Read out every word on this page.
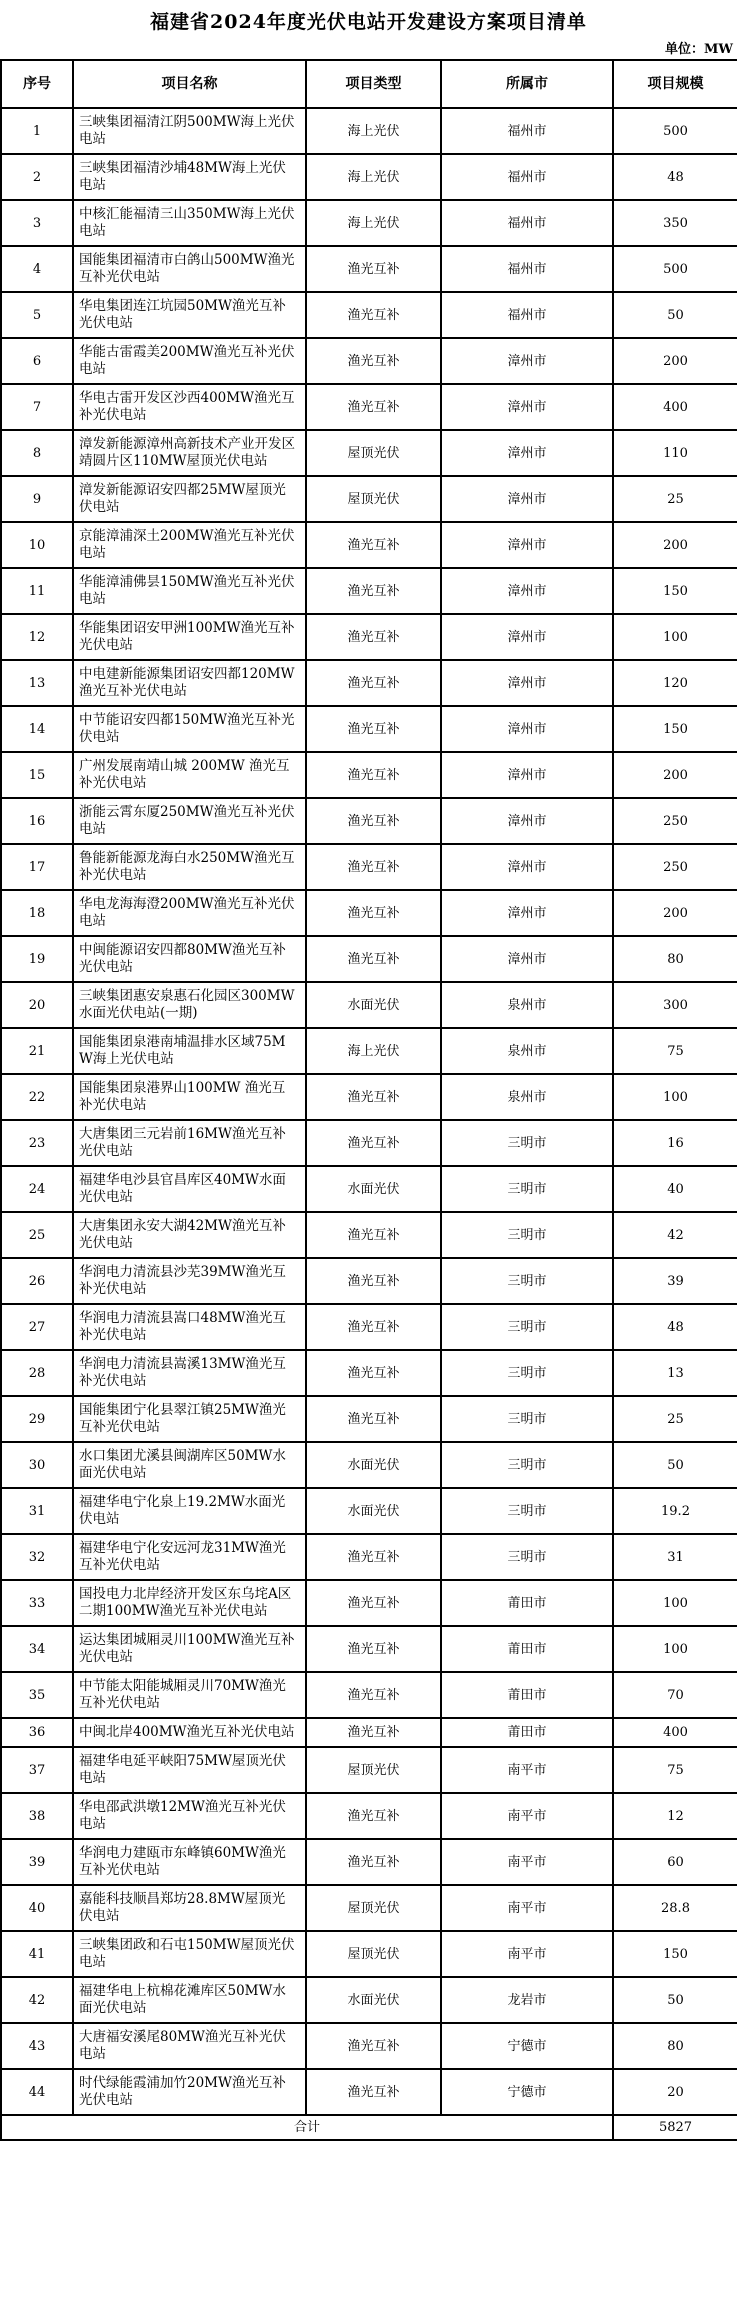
福建省2024年度光伏电站开发建设方案项目清单
单位：MW
序号	项目名称	项目类型	所属市	项目规模
1	三峡集团福清江阴500MW海上光伏电站	海上光伏	福州市	500
2	三峡集团福清沙埔48MW海上光伏电站	海上光伏	福州市	48
3	中核汇能福清三山350MW海上光伏电站	海上光伏	福州市	350
4	国能集团福清市白鸽山500MW渔光互补光伏电站	渔光互补	福州市	500
5	华电集团连江坑园50MW渔光互补光伏电站	渔光互补	福州市	50
6	华能古雷霞美200MW渔光互补光伏电站	渔光互补	漳州市	200
7	华电古雷开发区沙西400MW渔光互补光伏电站	渔光互补	漳州市	400
8	漳发新能源漳州高新技术产业开发区靖圆片区110MW屋顶光伏电站	屋顶光伏	漳州市	110
9	漳发新能源诏安四都25MW屋顶光伏电站	屋顶光伏	漳州市	25
10	京能漳浦深土200MW渔光互补光伏电站	渔光互补	漳州市	200
11	华能漳浦佛昙150MW渔光互补光伏电站	渔光互补	漳州市	150
12	华能集团诏安甲洲100MW渔光互补光伏电站	渔光互补	漳州市	100
13	中电建新能源集团诏安四都120MW渔光互补光伏电站	渔光互补	漳州市	120
14	中节能诏安四都150MW渔光互补光伏电站	渔光互补	漳州市	150
15	广州发展南靖山城 200MW 渔光互补光伏电站	渔光互补	漳州市	200
16	浙能云霄东厦250MW渔光互补光伏电站	渔光互补	漳州市	250
17	鲁能新能源龙海白水250MW渔光互补光伏电站	渔光互补	漳州市	250
18	华电龙海海澄200MW渔光互补光伏电站	渔光互补	漳州市	200
19	中闽能源诏安四都80MW渔光互补光伏电站	渔光互补	漳州市	80
20	三峡集团惠安泉惠石化园区300MW水面光伏电站(一期)	水面光伏	泉州市	300
21	国能集团泉港南埔温排水区域75MW海上光伏电站	海上光伏	泉州市	75
22	国能集团泉港界山100MW 渔光互补光伏电站	渔光互补	泉州市	100
23	大唐集团三元岩前16MW渔光互补光伏电站	渔光互补	三明市	16
24	福建华电沙县官昌库区40MW水面光伏电站	水面光伏	三明市	40
25	大唐集团永安大湖42MW渔光互补光伏电站	渔光互补	三明市	42
26	华润电力清流县沙芜39MW渔光互补光伏电站	渔光互补	三明市	39
27	华润电力清流县嵩口48MW渔光互补光伏电站	渔光互补	三明市	48
28	华润电力清流县嵩溪13MW渔光互补光伏电站	渔光互补	三明市	13
29	国能集团宁化县翠江镇25MW渔光互补光伏电站	渔光互补	三明市	25
30	水口集团尤溪县闽湖库区50MW水面光伏电站	水面光伏	三明市	50
31	福建华电宁化泉上19.2MW水面光伏电站	水面光伏	三明市	19.2
32	福建华电宁化安远河龙31MW渔光互补光伏电站	渔光互补	三明市	31
33	国投电力北岸经济开发区东乌垞A区二期100MW渔光互补光伏电站	渔光互补	莆田市	100
34	运达集团城厢灵川100MW渔光互补光伏电站	渔光互补	莆田市	100
35	中节能太阳能城厢灵川70MW渔光互补光伏电站	渔光互补	莆田市	70
36	中闽北岸400MW渔光互补光伏电站	渔光互补	莆田市	400
37	福建华电延平峡阳75MW屋顶光伏电站	屋顶光伏	南平市	75
38	华电邵武洪墩12MW渔光互补光伏电站	渔光互补	南平市	12
39	华润电力建瓯市东峰镇60MW渔光互补光伏电站	渔光互补	南平市	60
40	嘉能科技顺昌郑坊28.8MW屋顶光伏电站	屋顶光伏	南平市	28.8
41	三峡集团政和石屯150MW屋顶光伏电站	屋顶光伏	南平市	150
42	福建华电上杭棉花滩库区50MW水面光伏电站	水面光伏	龙岩市	50
43	大唐福安溪尾80MW渔光互补光伏电站	渔光互补	宁德市	80
44	时代绿能霞浦加竹20MW渔光互补光伏电站	渔光互补	宁德市	20
合计				5827
